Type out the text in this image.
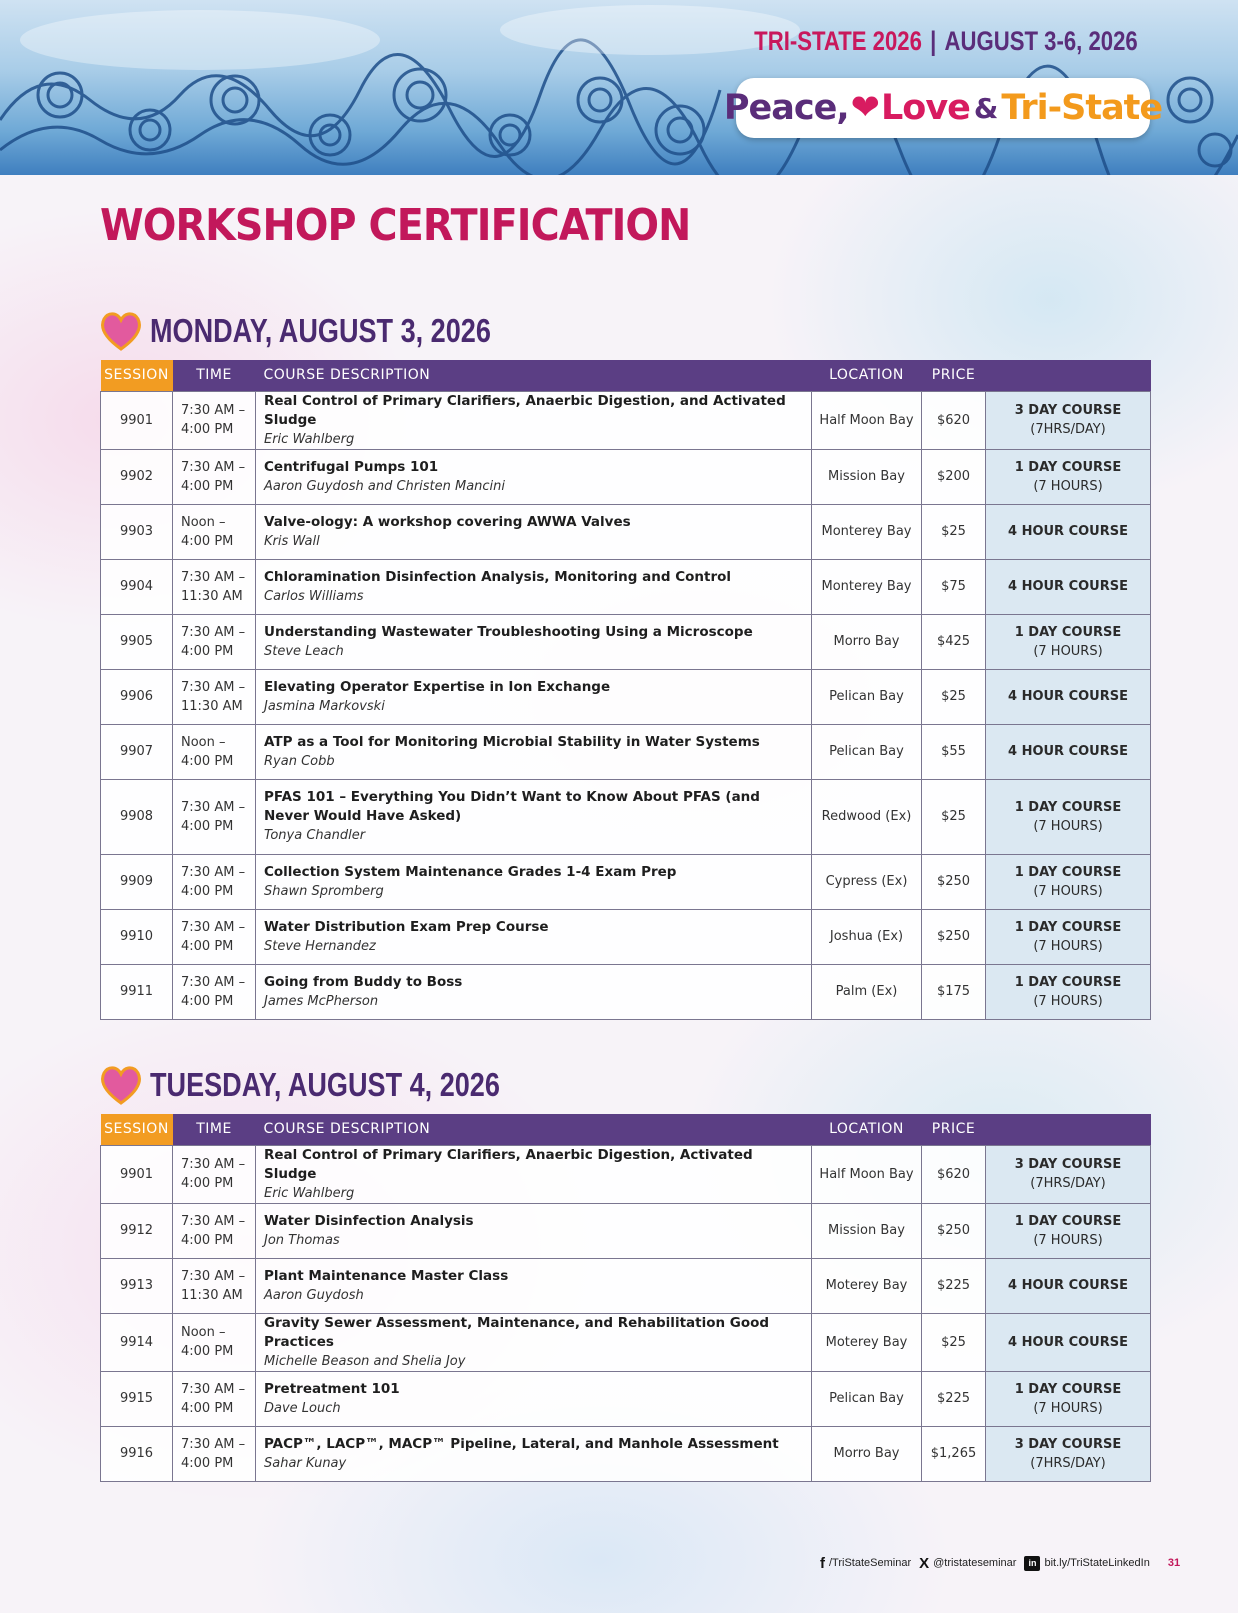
TRI-STATE 2026 | AUGUST 3-6, 2026
Peace, ❤ Love & Tri-State
WORKSHOP CERTIFICATION
MONDAY, AUGUST 3, 2026
SESSION	TIME	COURSE DESCRIPTION	LOCATION	PRICE	
9901	7:30 AM –
4:00 PM	Real Control of Primary Clarifiers, Anaerbic Digestion, and Activated Sludge
Eric Wahlberg	Half Moon Bay	$620	3 DAY COURSE
(7HRS/DAY)

9902	7:30 AM –
4:00 PM	Centrifugal Pumps 101
Aaron Guydosh and Christen Mancini	Mission Bay	$200	1 DAY COURSE
(7 HOURS)

9903	Noon –
4:00 PM	Valve-ology: A workshop covering AWWA Valves
Kris Wall	Monterey Bay	$25	4 HOUR COURSE

9904	7:30 AM –
11:30 AM	Chloramination Disinfection Analysis, Monitoring and Control
Carlos Williams	Monterey Bay	$75	4 HOUR COURSE

9905	7:30 AM –
4:00 PM	Understanding Wastewater Troubleshooting Using a Microscope
Steve Leach	Morro Bay	$425	1 DAY COURSE
(7 HOURS)

9906	7:30 AM –
11:30 AM	Elevating Operator Expertise in Ion Exchange
Jasmina Markovski	Pelican Bay	$25	4 HOUR COURSE

9907	Noon –
4:00 PM	ATP as a Tool for Monitoring Microbial Stability in Water Systems
Ryan Cobb	Pelican Bay	$55	4 HOUR COURSE

9908	7:30 AM –
4:00 PM	PFAS 101 – Everything You Didn’t Want to Know About PFAS (and Never Would Have Asked)
Tonya Chandler	Redwood (Ex)	$25	1 DAY COURSE
(7 HOURS)

9909	7:30 AM –
4:00 PM	Collection System Maintenance Grades 1-4 Exam Prep
Shawn Spromberg	Cypress (Ex)	$250	1 DAY COURSE
(7 HOURS)

9910	7:30 AM –
4:00 PM	Water Distribution Exam Prep Course
Steve Hernandez	Joshua (Ex)	$250	1 DAY COURSE
(7 HOURS)

9911	7:30 AM –
4:00 PM	Going from Buddy to Boss
James McPherson	Palm (Ex)	$175	1 DAY COURSE
(7 HOURS)
TUESDAY, AUGUST 4, 2026
SESSION	TIME	COURSE DESCRIPTION	LOCATION	PRICE	
9901	7:30 AM –
4:00 PM	Real Control of Primary Clarifiers, Anaerbic Digestion, Activated Sludge
Eric Wahlberg	Half Moon Bay	$620	3 DAY COURSE
(7HRS/DAY)

9912	7:30 AM –
4:00 PM	Water Disinfection Analysis
Jon Thomas	Mission Bay	$250	1 DAY COURSE
(7 HOURS)

9913	7:30 AM –
11:30 AM	Plant Maintenance Master Class
Aaron Guydosh	Moterey Bay	$225	4 HOUR COURSE

9914	Noon –
4:00 PM	Gravity Sewer Assessment, Maintenance, and Rehabilitation Good Practices
Michelle Beason and Shelia Joy	Moterey Bay	$25	4 HOUR COURSE

9915	7:30 AM –
4:00 PM	Pretreatment 101
Dave Louch	Pelican Bay	$225	1 DAY COURSE
(7 HOURS)

9916	7:30 AM –
4:00 PM	PACP™, LACP™, MACP™ Pipeline, Lateral, and Manhole Assessment
Sahar Kunay	Morro Bay	$1,265	3 DAY COURSE
(7HRS/DAY)
f /TriStateSeminar X @tristateseminar	in bit.ly/TriStateLinkedIn 31
